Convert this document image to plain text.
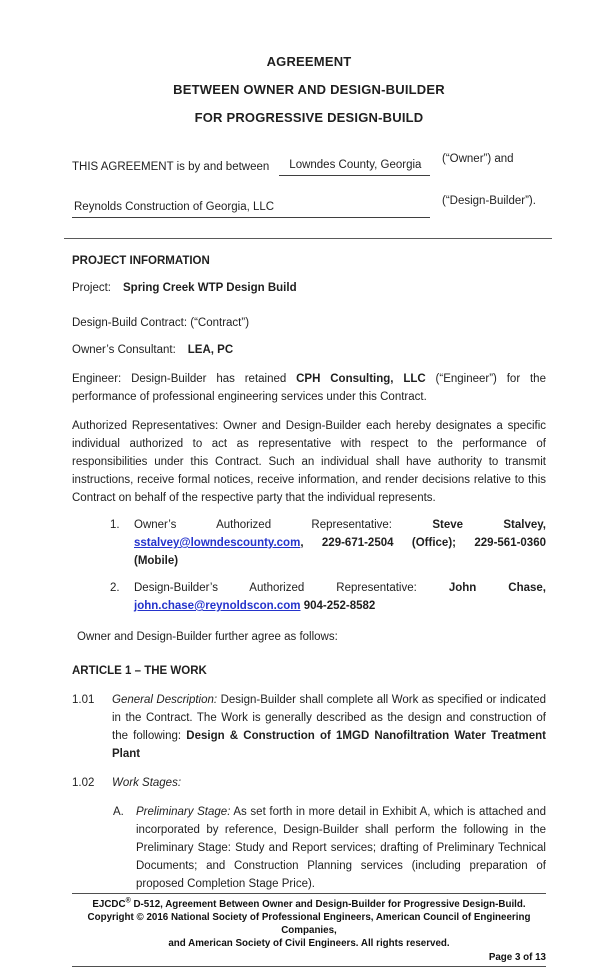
AGREEMENT
BETWEEN OWNER AND DESIGN-BUILDER
FOR PROGRESSIVE DESIGN-BUILD
THIS AGREEMENT is by and between	Lowndes County, Georgia	(“Owner”) and
Reynolds Construction of Georgia, LLC	(“Design-Builder”).
PROJECT INFORMATION
Project: Spring Creek WTP Design Build
Design-Build Contract: (“Contract”)
Owner’s Consultant: LEA, PC
Engineer: Design-Builder has retained CPH Consulting, LLC (“Engineer”) for the performance of professional engineering services under this Contract.
Authorized Representatives: Owner and Design-Builder each hereby designates a specific individual authorized to act as representative with respect to the performance of responsibilities under this Contract. Such an individual shall have authority to transmit instructions, receive formal notices, receive information, and render decisions relative to this Contract on behalf of the respective party that the individual represents.
1.	Owner’s Authorized Representative: Steve Stalvey, sstalvey@lowndescounty.com, 229-671-2504 (Office); 229-561-0360 (Mobile)
2.	Design-Builder’s Authorized Representative: John Chase, john.chase@reynoldscon.com 904-252-8582
Owner and Design-Builder further agree as follows:
ARTICLE 1 – THE WORK
1.01	General Description: Design-Builder shall complete all Work as specified or indicated in the Contract. The Work is generally described as the design and construction of the following: Design & Construction of 1MGD Nanofiltration Water Treatment Plant
1.02	Work Stages:
A.	Preliminary Stage: As set forth in more detail in Exhibit A, which is attached and incorporated by reference, Design-Builder shall perform the following in the Preliminary Stage: Study and Report services; drafting of Preliminary Technical Documents; and Construction Planning services (including preparation of proposed Completion Stage Price).
EJCDC® D-512, Agreement Between Owner and Design-Builder for Progressive Design-Build.
Copyright © 2016 National Society of Professional Engineers, American Council of Engineering Companies,
and American Society of Civil Engineers. All rights reserved.
Page 3 of 13
